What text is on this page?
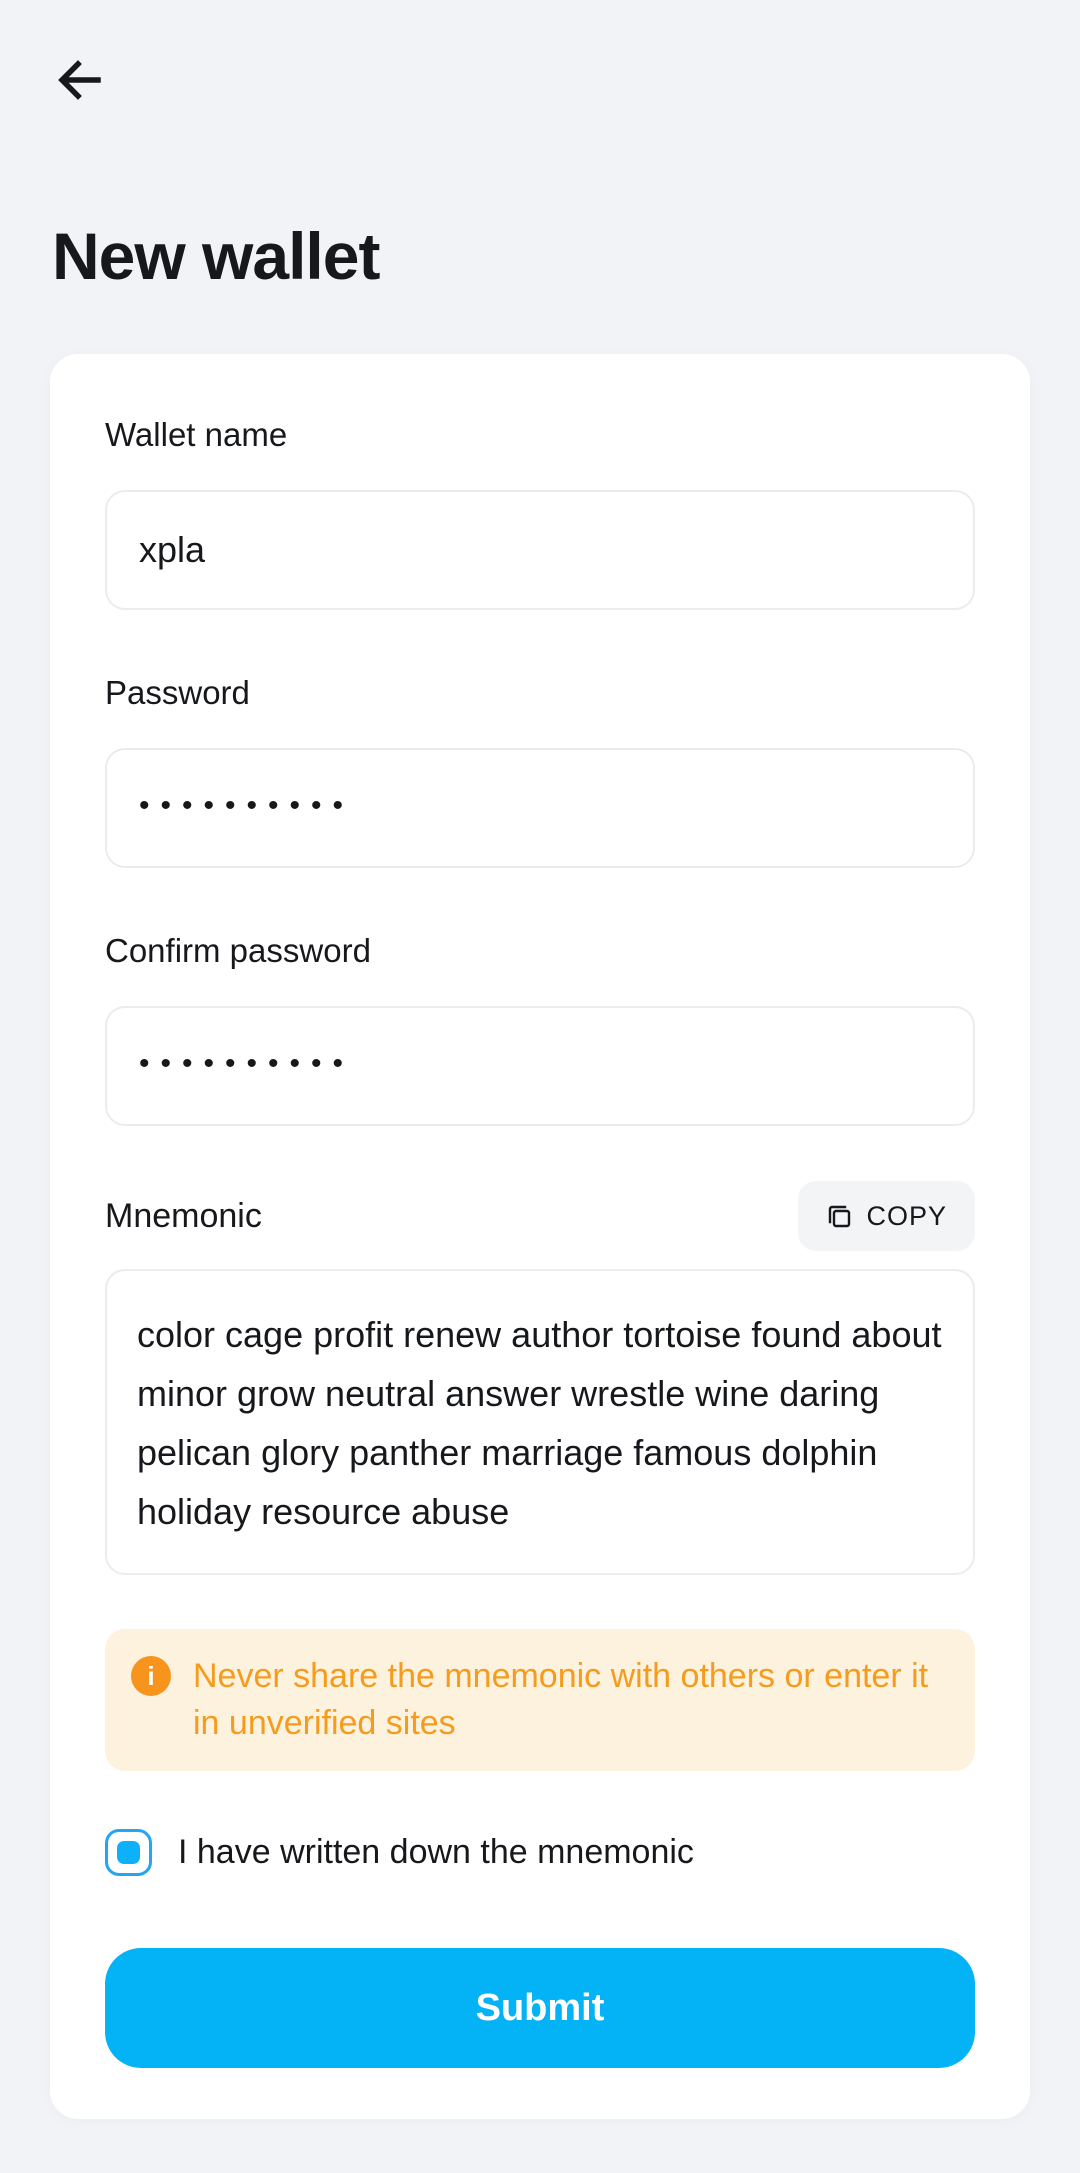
New wallet
Wallet name
xpla
Password
••••••••••
Confirm password
••••••••••
Mnemonic	COPY
color cage profit renew author tortoise found about minor grow neutral answer wrestle wine daring pelican glory panther marriage famous dolphin holiday resource abuse
i	Never share the mnemonic with others or enter it in unverified sites

I have written down the mnemonic
Submit
